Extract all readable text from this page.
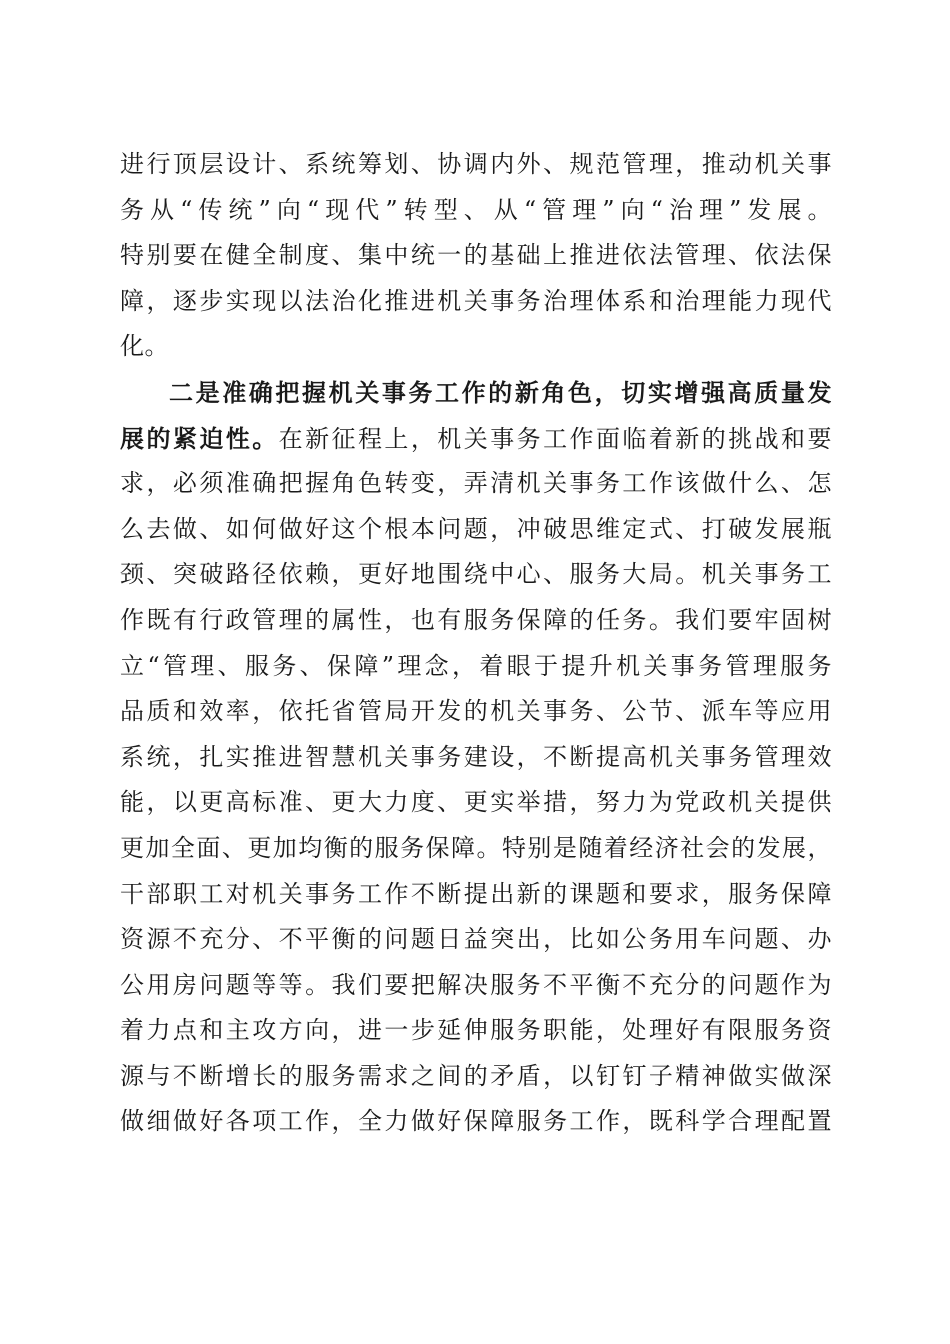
进行顶层设计、系统筹划、协调内外、规范管理，推动机关事
务从“传统”向“现代”转型、从“管理”向“治理”发展。
特别要在健全制度、集中统一的基础上推进依法管理、依法保
障，逐步实现以法治化推进机关事务治理体系和治理能力现代
化。
二是准确把握机关事务工作的新角色，切实增强高质量发
展的紧迫性。在新征程上，机关事务工作面临着新的挑战和要
求，必须准确把握角色转变，弄清机关事务工作该做什么、怎
么去做、如何做好这个根本问题，冲破思维定式、打破发展瓶
颈、突破路径依赖，更好地围绕中心、服务大局。机关事务工
作既有行政管理的属性，也有服务保障的任务。我们要牢固树
立“管理、服务、保障”理念，着眼于提升机关事务管理服务
品质和效率，依托省管局开发的机关事务、公节、派车等应用
系统，扎实推进智慧机关事务建设，不断提高机关事务管理效
能，以更高标准、更大力度、更实举措，努力为党政机关提供
更加全面、更加均衡的服务保障。特别是随着经济社会的发展，
干部职工对机关事务工作不断提出新的课题和要求，服务保障
资源不充分、不平衡的问题日益突出，比如公务用车问题、办
公用房问题等等。我们要把解决服务不平衡不充分的问题作为
着力点和主攻方向，进一步延伸服务职能，处理好有限服务资
源与不断增长的服务需求之间的矛盾，以钉钉子精神做实做深
做细做好各项工作，全力做好保障服务工作，既科学合理配置
